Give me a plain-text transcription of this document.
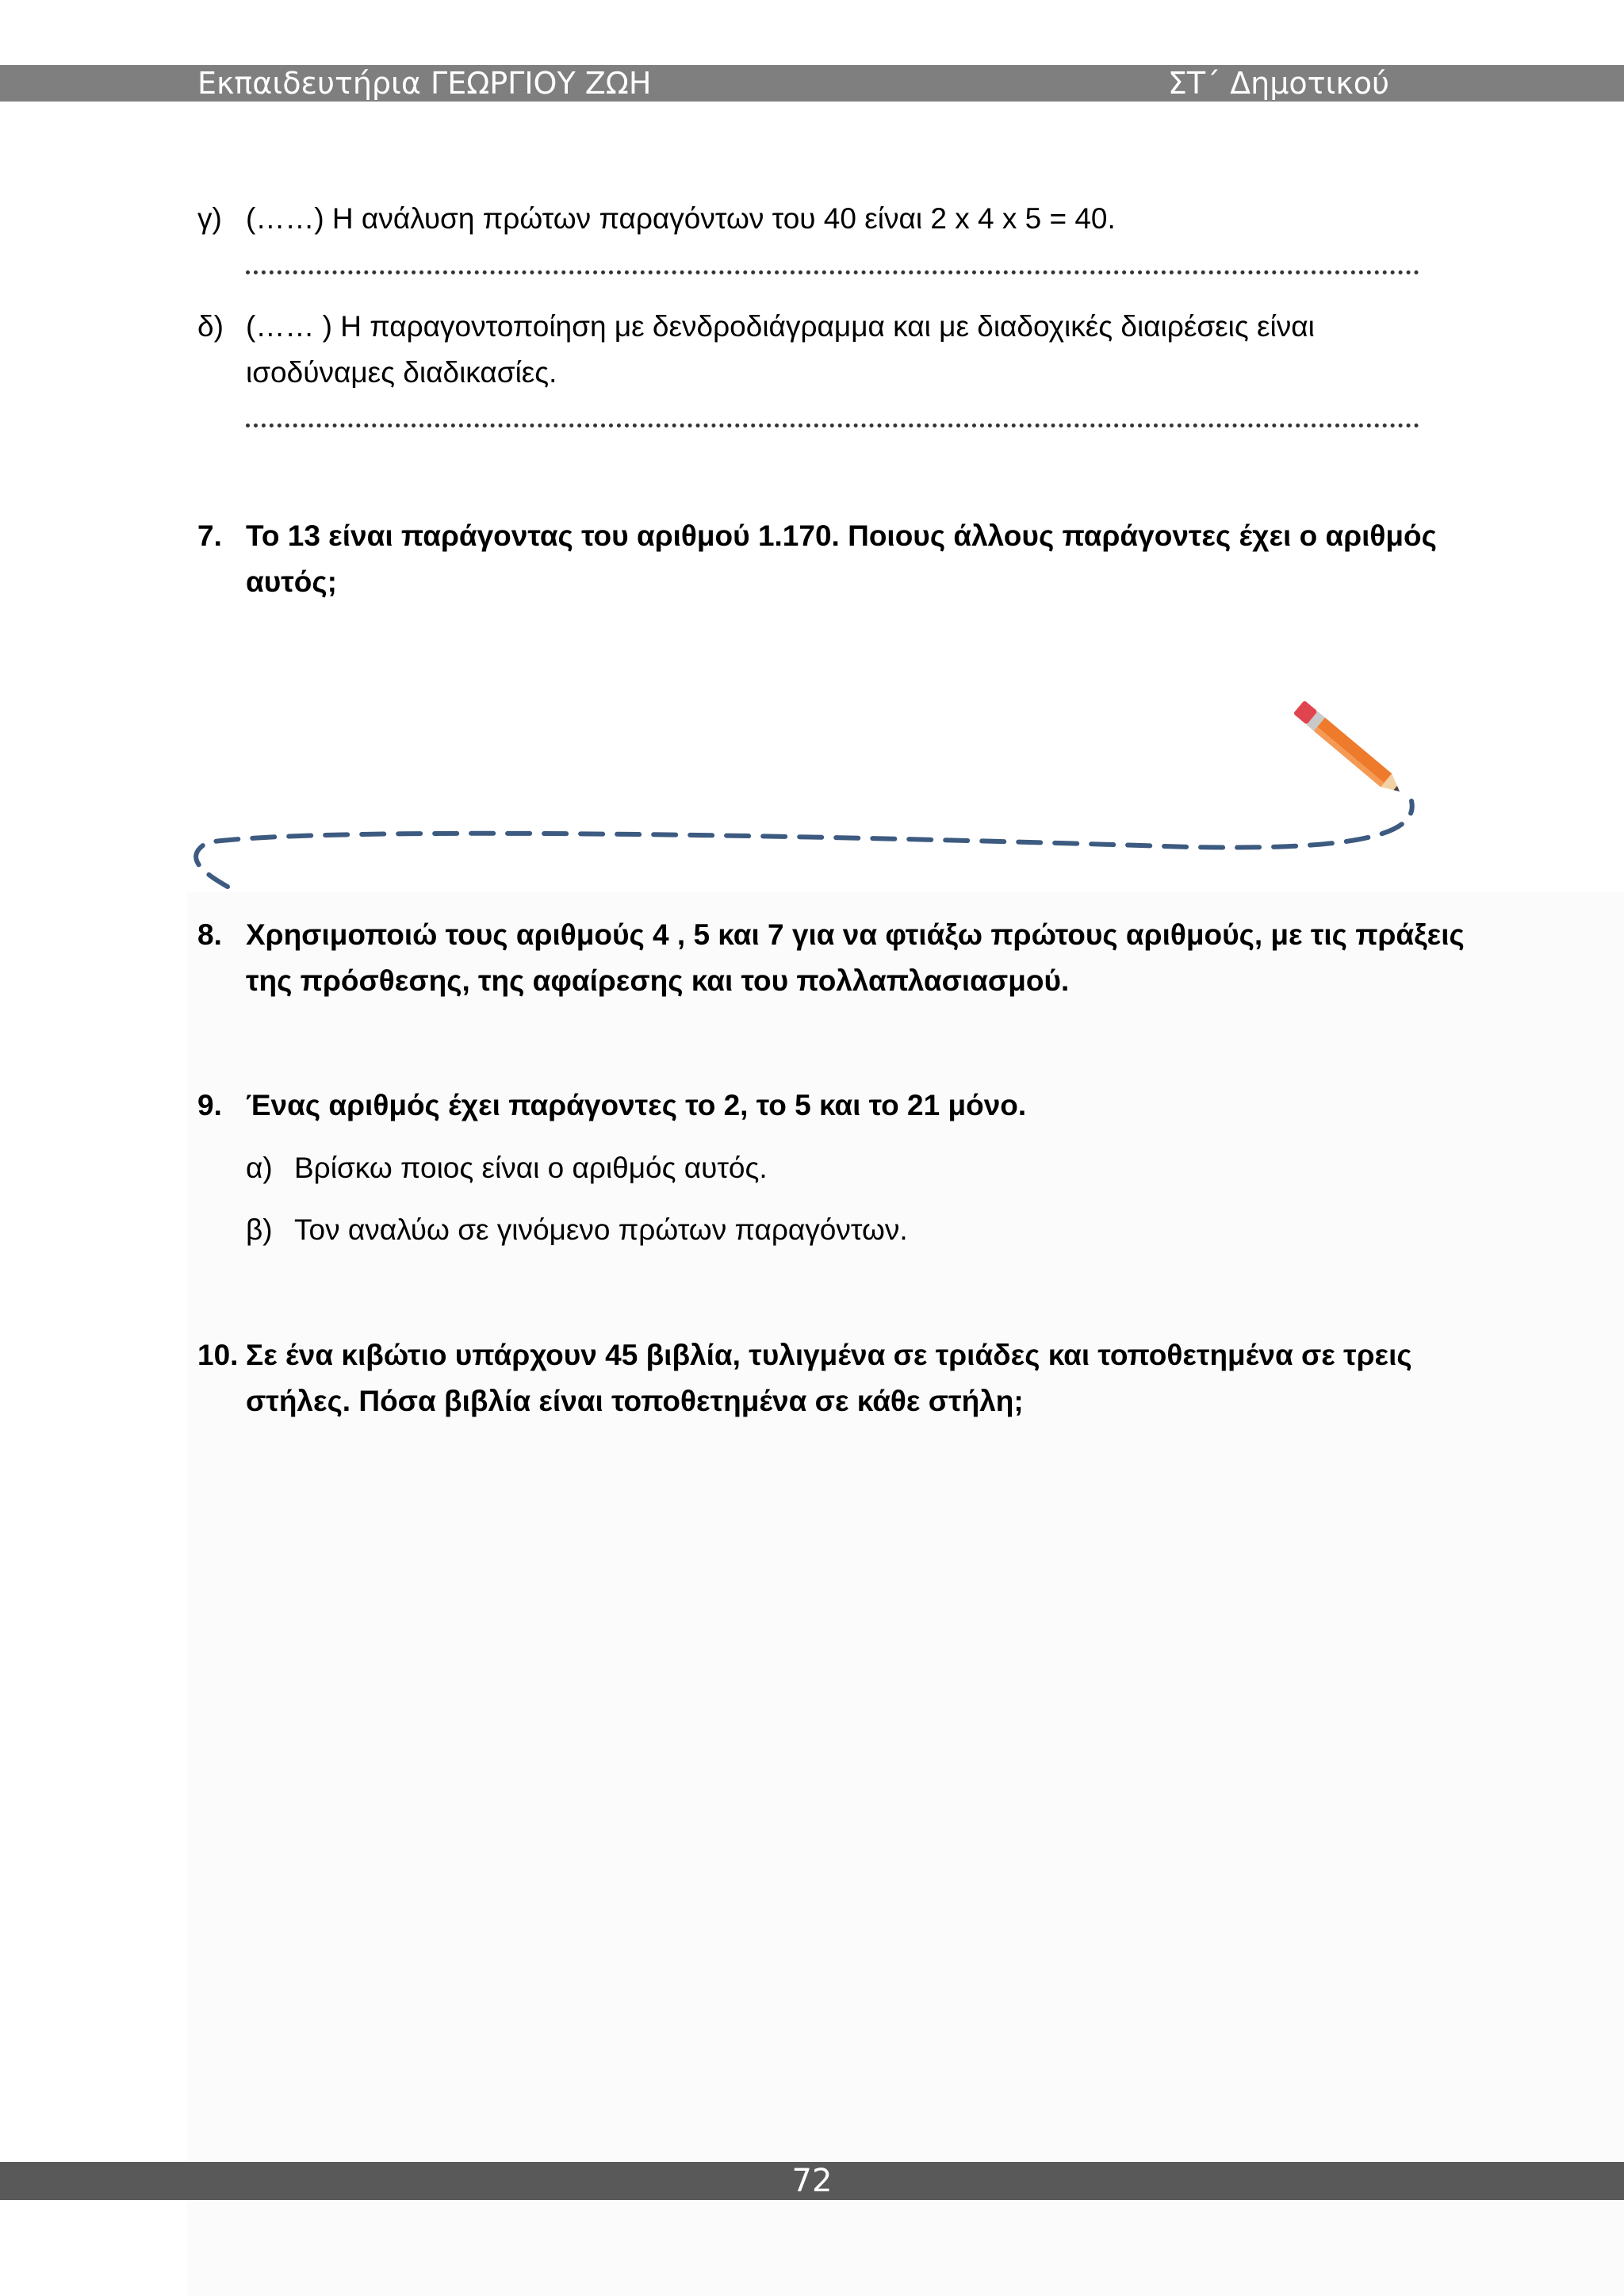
Εκπαιδευτήρια ΓΕΩΡΓΙΟΥ ΖΩΗ	ΣΤ΄ Δημοτικού
γ) (……) Η ανάλυση πρώτων παραγόντων του 40 είναι 2 x 4 x 5 = 40.
δ) (…… ) Η παραγοντοποίηση με δενδροδιάγραμμα και με διαδοχικές διαιρέσεις είναι
ισοδύναμες διαδικασίες.
7. Το 13 είναι παράγοντας του αριθμού 1.170. Ποιους άλλους παράγοντες έχει ο αριθμός
αυτός;
8. Χρησιμοποιώ τους αριθμούς 4 , 5 και 7 για να φτιάξω πρώτους αριθμούς, με τις πράξεις
της πρόσθεσης, της αφαίρεσης και του πολλαπλασιασμού.
9. Ένας αριθμός έχει παράγοντες το 2, το 5 και το 21 μόνο.
α) Βρίσκω ποιος είναι ο αριθμός αυτός.
β) Τον αναλύω σε γινόμενο πρώτων παραγόντων.
10. Σε ένα κιβώτιο υπάρχουν 45 βιβλία, τυλιγμένα σε τριάδες και τοποθετημένα σε τρεις
στήλες. Πόσα βιβλία είναι τοποθετημένα σε κάθε στήλη;
72
